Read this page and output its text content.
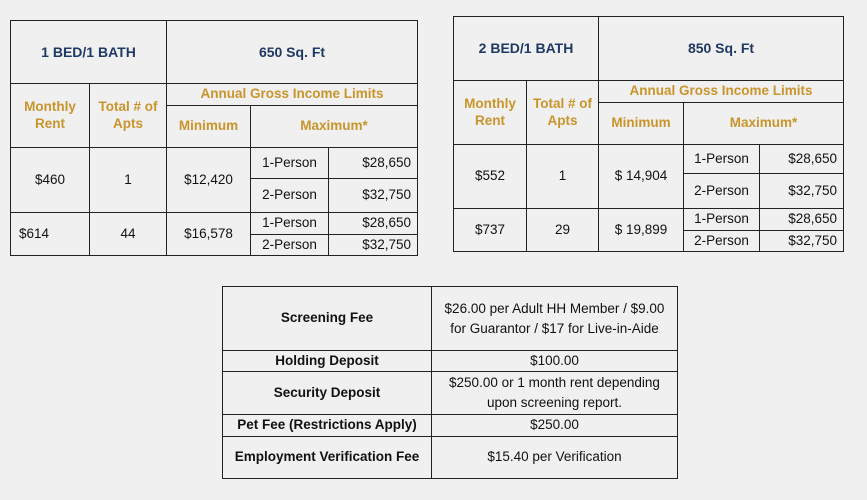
1 BED/1 BATH		650 Sq. Ft		
Monthly Rent	Total # of Apts	Annual Gross Income Limits		
		Minimum	Maximum*	
$460	1	$12,420	1-Person	$28,650
			2-Person	$32,750
$614	44	$16,578	1-Person	$28,650
			2-Person	$32,750
2 BED/1 BATH		850 Sq. Ft		
Monthly Rent	Total # of Apts	Annual Gross Income Limits		
		Minimum	Maximum*	
$552	1	$ 14,904	1-Person	$28,650
			2-Person	$32,750
$737	29	$ 19,899	1-Person	$28,650
			2-Person	$32,750
Screening Fee	$26.00 per Adult HH Member / $9.00 for Guarantor / $17 for Live-in-Aide
Holding Deposit	$100.00
Security Deposit	$250.00 or 1 month rent depending upon screening report.
Pet Fee (Restrictions Apply)	$250.00
Employment Verification Fee	$15.40 per Verification
